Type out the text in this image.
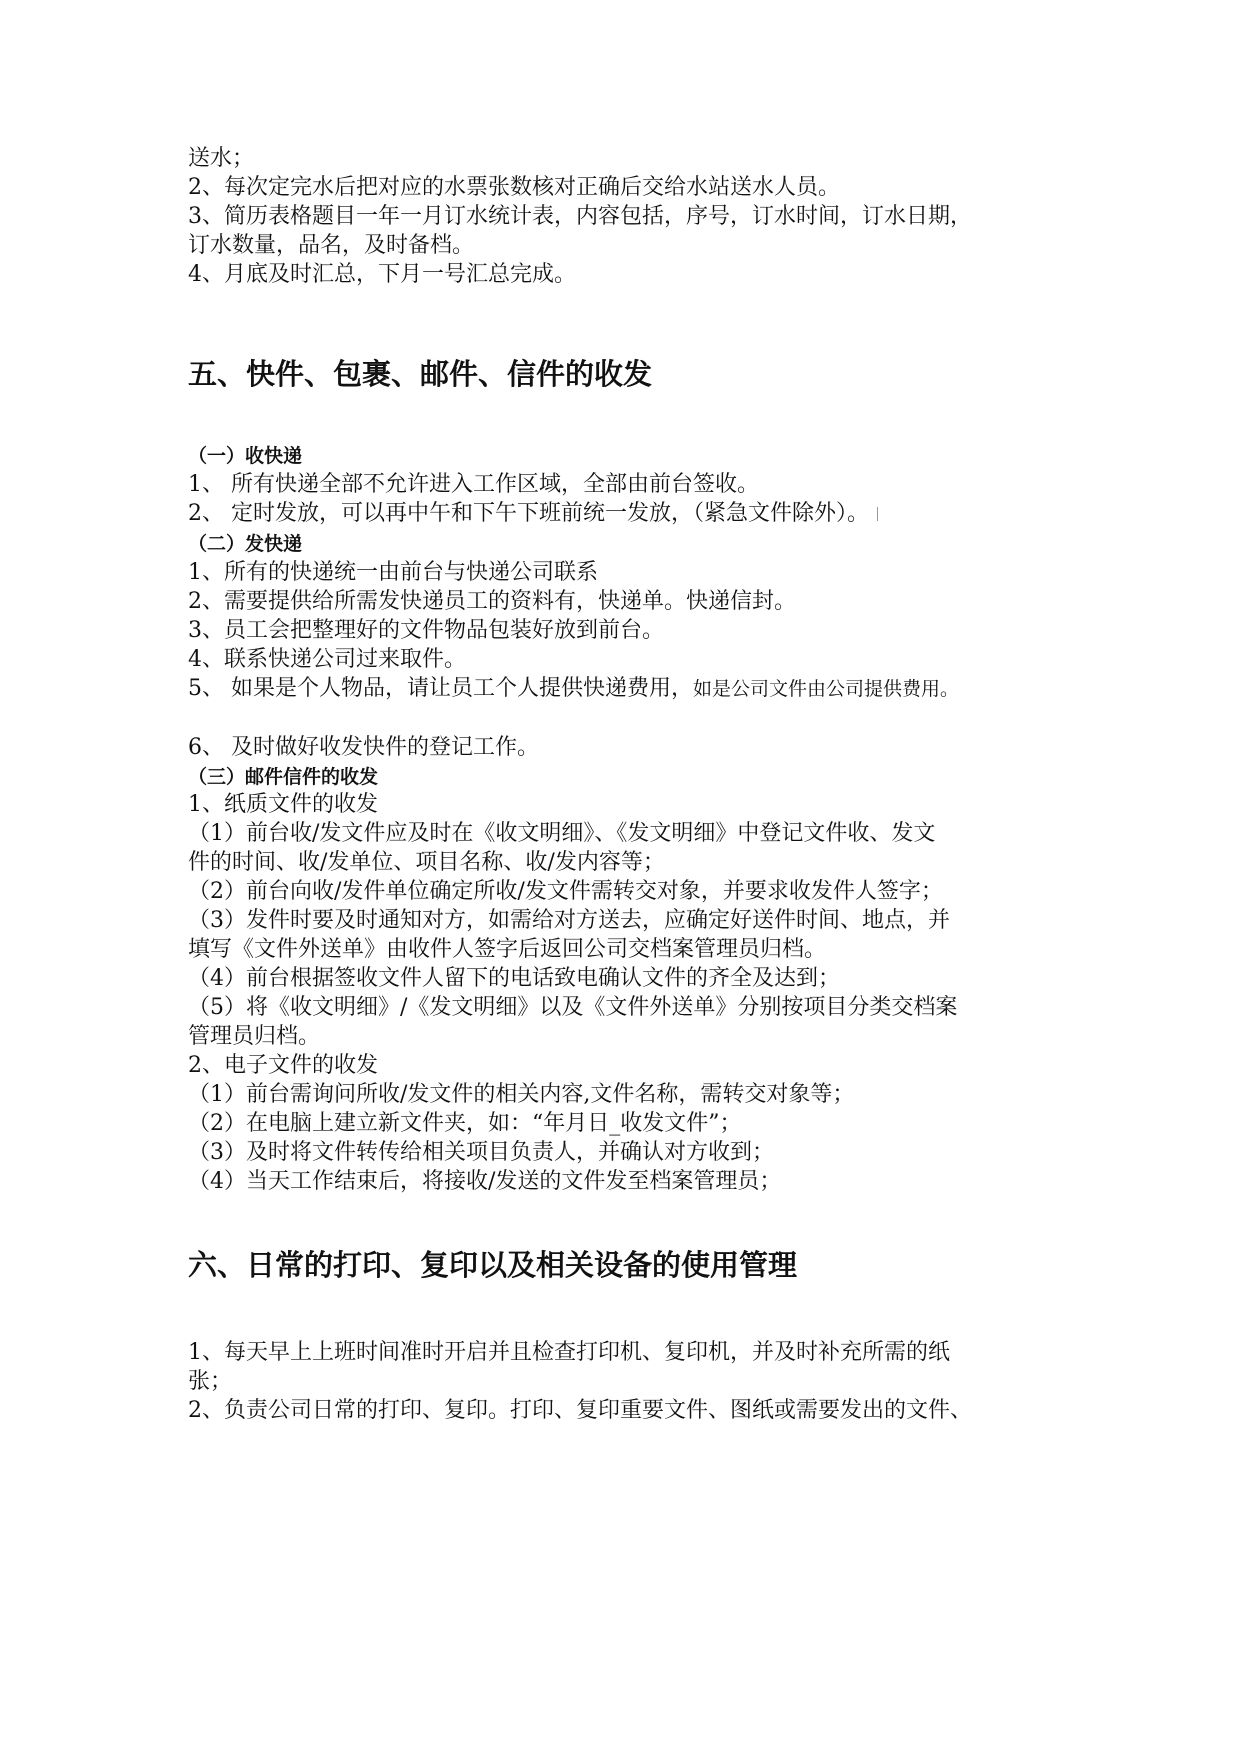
送水；
2、每次定完水后把对应的水票张数核对正确后交给水站送水人员。
3、简历表格题目一年一月订水统计表，内容包括，序号，订水时间，订水日期，
订水数量，品名，及时备档。
4、月底及时汇总，下月一号汇总完成。
五、快件、包裹、邮件、信件的收发
（一）收快递
1、 所有快递全部不允许进入工作区域，全部由前台签收。
2、 定时发放，可以再中午和下午下班前统一发放，（紧急文件除外）。
（二）发快递
1、所有的快递统一由前台与快递公司联系
2、需要提供给所需发快递员工的资料有，快递单。快递信封。
3、员工会把整理好的文件物品包装好放到前台。
4、联系快递公司过来取件。
5、 如果是个人物品，请让员工个人提供快递费用，如是公司文件由公司提供费用。
6、 及时做好收发快件的登记工作。
（三）邮件信件的收发
1、纸质文件的收发
（1）前台收/发文件应及时在《收文明细》、《发文明细》中登记文件收、发文
件的时间、收/发单位、项目名称、收/发内容等；
（2）前台向收/发件单位确定所收/发文件需转交对象，并要求收发件人签字；
（3）发件时要及时通知对方，如需给对方送去，应确定好送件时间、地点，并
填写《文件外送单》由收件人签字后返回公司交档案管理员归档。
（4）前台根据签收文件人留下的电话致电确认文件的齐全及达到；
（5）将《收文明细》/《发文明细》以及《文件外送单》分别按项目分类交档案
管理员归档。
2、电子文件的收发
（1）前台需询问所收/发文件的相关内容,文件名称，需转交对象等；
（2）在电脑上建立新文件夹，如：“年月日_收发文件”；
（3）及时将文件转传给相关项目负责人，并确认对方收到；
（4）当天工作结束后，将接收/发送的文件发至档案管理员；
六、日常的打印、复印以及相关设备的使用管理
1、每天早上上班时间准时开启并且检查打印机、复印机，并及时补充所需的纸
张；
2、负责公司日常的打印、复印。打印、复印重要文件、图纸或需要发出的文件、
